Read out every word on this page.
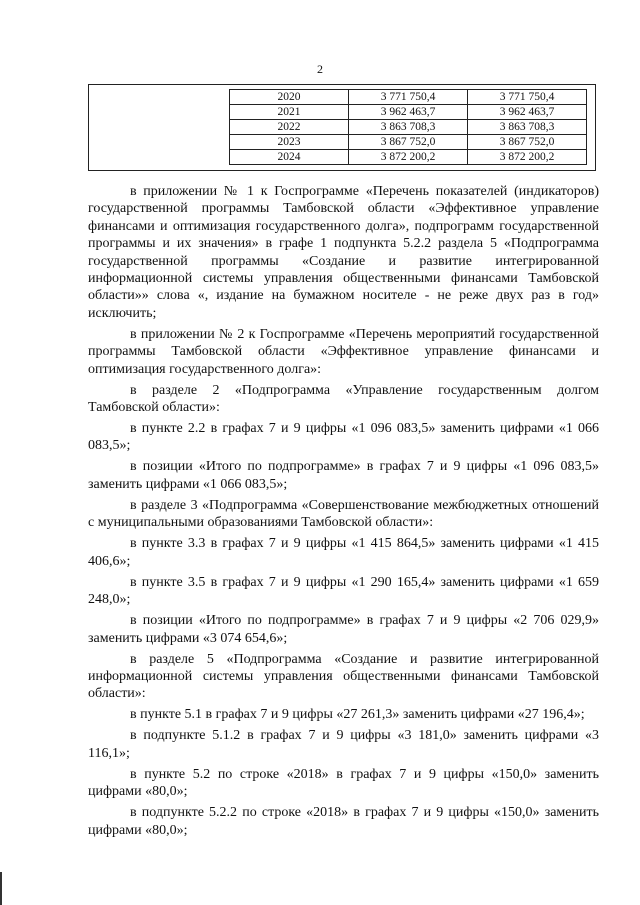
2
2020	3 771 750,4	3 771 750,4
2021	3 962 463,7	3 962 463,7
2022	3 863 708,3	3 863 708,3
2023	3 867 752,0	3 867 752,0
2024	3 872 200,2	3 872 200,2

в приложении № 1 к Госпрограмме «Перечень показателей (индикаторов) государственной программы Тамбовской области «Эффективное управление финансами и оптимизация государственного долга», подпрограмм государственной программы и их значения» в графе 1 подпункта 5.2.2 раздела 5 «Подпрограмма государственной программы «Создание и развитие интегрированной информационной системы управления общественными финансами Тамбовской области»» слова «, издание на бумажном носителе - не реже двух раз в год» исключить;

в приложении № 2 к Госпрограмме «Перечень мероприятий государственной программы Тамбовской области «Эффективное управление финансами и оптимизация государственного долга»:

в разделе 2 «Подпрограмма «Управление государственным долгом Тамбовской области»:

в пункте 2.2 в графах 7 и 9 цифры «1 096 083,5» заменить цифрами «1 066 083,5»;

в позиции «Итого по подпрограмме» в графах 7 и 9 цифры «1 096 083,5» заменить цифрами «1 066 083,5»;

в разделе 3 «Подпрограмма «Совершенствование межбюджетных отношений с муниципальными образованиями Тамбовской области»:

в пункте 3.3 в графах 7 и 9 цифры «1 415 864,5» заменить цифрами «1 415 406,6»;

в пункте 3.5 в графах 7 и 9 цифры «1 290 165,4» заменить цифрами «1 659 248,0»;

в позиции «Итого по подпрограмме» в графах 7 и 9 цифры «2 706 029,9» заменить цифрами «3 074 654,6»;

в разделе 5 «Подпрограмма «Создание и развитие интегрированной информационной системы управления общественными финансами Тамбовской области»:

в пункте 5.1 в графах 7 и 9 цифры «27 261,3» заменить цифрами «27 196,4»;

в подпункте 5.1.2 в графах 7 и 9 цифры «3 181,0» заменить цифрами «3 116,1»;

в пункте 5.2 по строке «2018» в графах 7 и 9 цифры «150,0» заменить цифрами «80,0»;

в подпункте 5.2.2 по строке «2018» в графах 7 и 9 цифры «150,0» заменить цифрами «80,0»;
